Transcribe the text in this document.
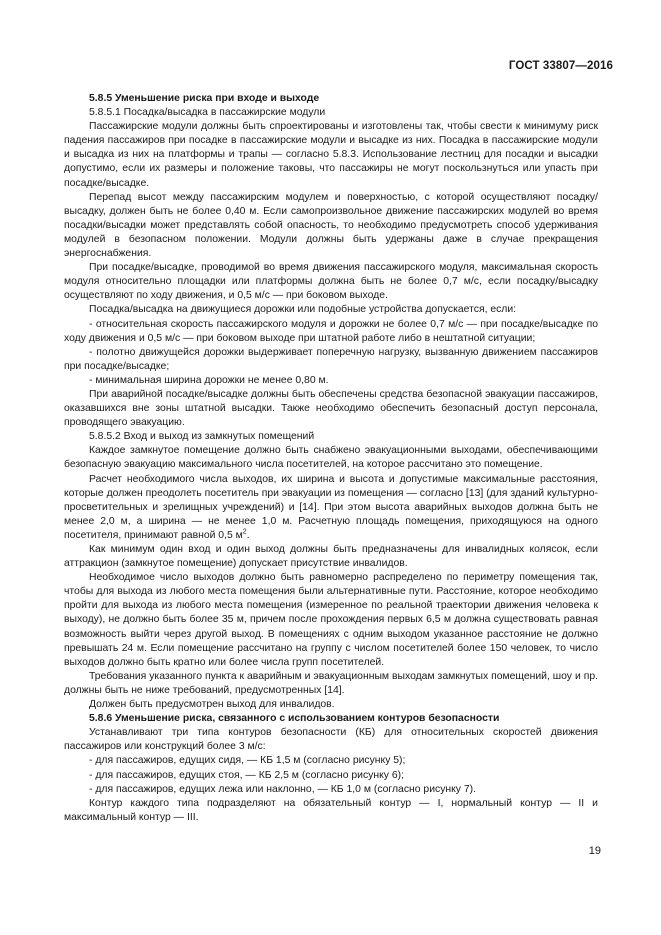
ГОСТ 33807—2016

5.8.5 Уменьшение риска при входе и выходе

5.8.5.1 Посадка/высадка в пассажирские модули

Пассажирские модули должны быть спроектированы и изготовлены так, чтобы свести к минимуму риск падения пассажиров при посадке в пассажирские модули и высадке из них. Посадка в пассажирские модули и высадка из них на платформы и трапы — согласно 5.8.3. Использование лестниц для посадки и высадки допустимо, если их размеры и положение таковы, что пассажиры не могут поскользнуться или упасть при посадке/высадке.

Перепад высот между пассажирским модулем и поверхностью, с которой осуществляют посадку/высадку, должен быть не более 0,40 м. Если самопроизвольное движение пассажирских модулей во время посадки/высадки может представлять собой опасность, то необходимо предусмотреть способ удерживания модулей в безопасном положении. Модули должны быть удержаны даже в случае прекращения энергоснабжения.

При посадке/высадке, проводимой во время движения пассажирского модуля, максимальная скорость модуля относительно площадки или платформы должна быть не более 0,7 м/с, если посадку/высадку осуществляют по ходу движения, и 0,5 м/с — при боковом выходе.

Посадка/высадка на движущиеся дорожки или подобные устройства допускается, если:

- относительная скорость пассажирского модуля и дорожки не более 0,7 м/с — при посадке/высадке по ходу движения и 0,5 м/с — при боковом выходе при штатной работе либо в нештатной ситуации;

- полотно движущейся дорожки выдерживает поперечную нагрузку, вызванную движением пассажиров при посадке/высадке;

- минимальная ширина дорожки не менее 0,80 м.

При аварийной посадке/высадке должны быть обеспечены средства безопасной эвакуации пассажиров, оказавшихся вне зоны штатной высадки. Также необходимо обеспечить безопасный доступ персонала, проводящего эвакуацию.

5.8.5.2 Вход и выход из замкнутых помещений

Каждое замкнутое помещение должно быть снабжено эвакуационными выходами, обеспечивающими безопасную эвакуацию максимального числа посетителей, на которое рассчитано это помещение.

Расчет необходимого числа выходов, их ширина и высота и допустимые максимальные расстояния, которые должен преодолеть посетитель при эвакуации из помещения — согласно [13] (для зданий культурно-просветительных и зрелищных учреждений) и [14]. При этом высота аварийных выходов должна быть не менее 2,0 м, а ширина — не менее 1,0 м. Расчетную площадь помещения, приходящуюся на одного посетителя, принимают равной 0,5 $м^2$.

Как минимум один вход и один выход должны быть предназначены для инвалидных колясок, если аттракцион (замкнутое помещение) допускает присутствие инвалидов.

Необходимое число выходов должно быть равномерно распределено по периметру помещения так, чтобы для выхода из любого места помещения были альтернативные пути. Расстояние, которое необходимо пройти для выхода из любого места помещения (измеренное по реальной траектории движения человека к выходу), не должно быть более 35 м, причем после прохождения первых 6,5 м должна существовать равная возможность выйти через другой выход. В помещениях с одним выходом указанное расстояние не должно превышать 24 м. Если помещение рассчитано на группу с числом посетителей более 150 человек, то число выходов должно быть кратно или более числа групп посетителей.

Требования указанного пункта к аварийным и эвакуационным выходам замкнутых помещений, шоу и пр. должны быть не ниже требований, предусмотренных [14].

Должен быть предусмотрен выход для инвалидов.

5.8.6 Уменьшение риска, связанного с использованием контуров безопасности

Устанавливают три типа контуров безопасности (КБ) для относительных скоростей движения пассажиров или конструкций более 3 м/с:

- для пассажиров, едущих сидя, — КБ 1,5 м (согласно рисунку 5);

- для пассажиров, едущих стоя, — КБ 2,5 м (согласно рисунку 6);

- для пассажиров, едущих лежа или наклонно, — КБ 1,0 м (согласно рисунку 7).

Контур каждого типа подразделяют на обязательный контур — I, нормальный контур — II и максимальный контур — III.

19
